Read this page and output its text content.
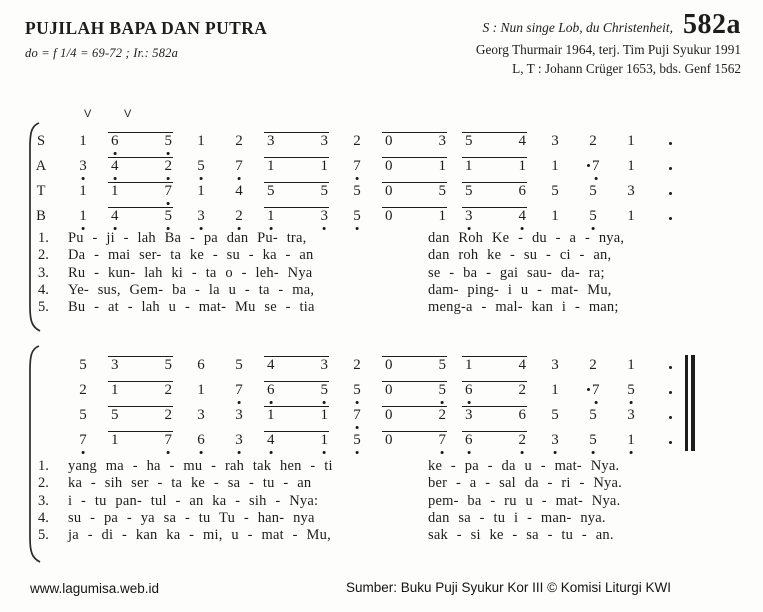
PUJILAH BAPA DAN PUTRA
do = f 1/4 = 69-72 ; Ir.: 582a
S : Nun singe Lob, du Christenheit, 582a
Georg Thurmair 1964, terj. Tim Puji Syukur 1991
L, T : Johann Crüger 1653, bds. Genf 1562
V	V
S	1	6	5	1	2	3	3	2	0	3 5	4	3	2	1
A	3	4	2	5	7	1	1	7	0	1 1	1	1	7	1
T	1	1	7	1	4	5	5	5	0	5 5	6	5	5	3
B	1	4	5	3	2	1	3	5	0	1 3	4	1	5	1
5	3	5	6	5	4	3	2	0	5 1	4	3	2	1
2	1	2	1	7	6	5	5	0	5 6	2	1	7	5
5	5	2	3	3	1	1	7	0	2 3	6	5	5	3
7	1	7	6	3	4	1	5	0	7 6	2	3	5	1
1.	Pu - ji - lah Ba - pa dan Pu- tra,	dan Roh Ke - du - a - nya,
2.	Da - mai ser- ta ke - su - ka - an	dan roh ke - su - ci - an,
3.	Ru - kun- lah ki - ta o - leh- Nya	se - ba - gai sau- da- ra;
4.	Ye- sus, Gem- ba - la u - ta - ma,	dam- ping- i u - mat- Mu,
5.	Bu - at - lah u - mat- Mu se - tia	meng-a - mal- kan i - man;
1.	yang ma - ha - mu - rah tak hen - ti	ke - pa - da u - mat- Nya.
2.	ka - sih ser - ta ke - sa - tu - an	ber - a - sal da - ri - Nya.
3.	i - tu pan- tul - an ka - sih - Nya:	pem- ba - ru u - mat- Nya.
4.	su - pa - ya sa - tu Tu - han- nya	dan sa - tu i - man- nya.
5.	ja - di - kan ka - mi, u - mat - Mu,	sak - si ke - sa - tu - an.
www.lagumisa.web.id	Sumber: Buku Puji Syukur Kor III © Komisi Liturgi KWI
